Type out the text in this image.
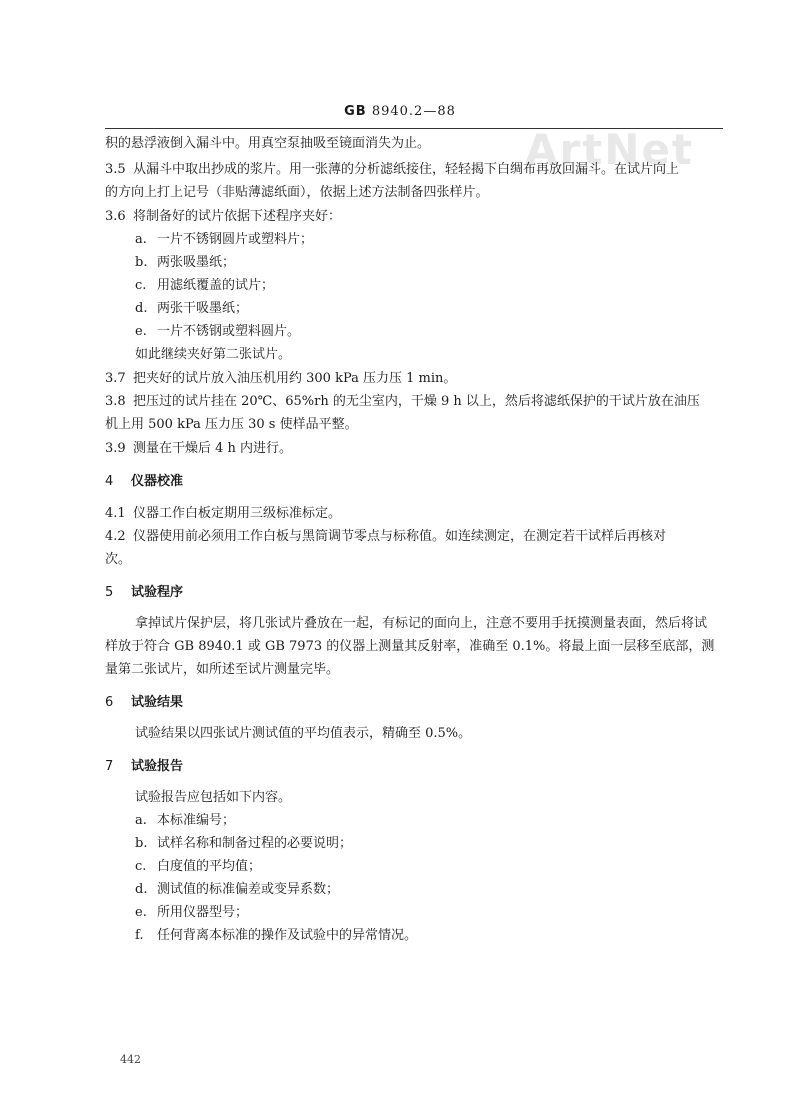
GB 8940.2—88
ArtNet
积的悬浮液倒入漏斗中。用真空泵抽吸至镜面消失为止。
3.5 从漏斗中取出抄成的浆片。用一张薄的分析滤纸接住，轻轻揭下白绸布再放回漏斗。在试片向上
的方向上打上记号（非贴薄滤纸面），依据上述方法制备四张样片。
3.6 将制备好的试片依据下述程序夹好：
a. 一片不锈钢圆片或塑料片；
b. 两张吸墨纸；
c. 用滤纸覆盖的试片；
d. 两张干吸墨纸；
e. 一片不锈钢或塑料圆片。
如此继续夹好第二张试片。
3.7 把夹好的试片放入油压机用约 300 kPa 压力压 1 min。
3.8 把压过的试片挂在 20℃、65%rh 的无尘室内，干燥 9 h 以上，然后将滤纸保护的干试片放在油压
机上用 500 kPa 压力压 30 s 使样品平整。
3.9 测量在干燥后 4 h 内进行。
4 仪器校准
4.1 仪器工作白板定期用三级标准标定。
4.2 仪器使用前必须用工作白板与黑筒调节零点与标称值。如连续测定，在测定若干试样后再核对
次。
5 试验程序
拿掉试片保护层，将几张试片叠放在一起，有标记的面向上，注意不要用手抚摸测量表面，然后将试
样放于符合 GB 8940.1 或 GB 7973 的仪器上测量其反射率，准确至 0.1%。将最上面一层移至底部，测
量第二张试片，如所述至试片测量完毕。
6 试验结果
试验结果以四张试片测试值的平均值表示，精确至 0.5%。
7 试验报告
试验报告应包括如下内容。
a. 本标准编号；
b. 试样名称和制备过程的必要说明；
c. 白度值的平均值；
d. 测试值的标准偏差或变异系数；
e. 所用仪器型号；
f. 任何背离本标准的操作及试验中的异常情况。
442
